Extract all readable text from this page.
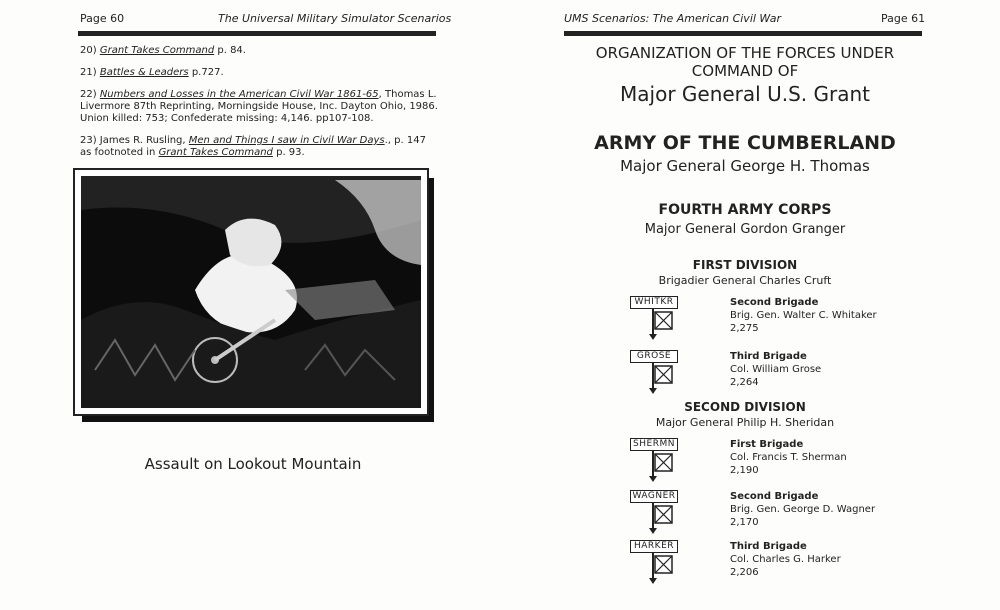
Page 60	The Universal Military Simulator Scenarios
20) Grant Takes Command p. 84.
21) Battles & Leaders p.727.
22) Numbers and Losses in the American Civil War 1861-65, Thomas L. Livermore 87th Reprinting, Morningside House, Inc. Dayton Ohio, 1986. Union killed: 753; Confederate missing: 4,146. pp107-108.
23) James R. Rusling, Men and Things I saw in Civil War Days., p. 147 as footnoted in Grant Takes Command p. 93.
Assault on Lookout Mountain
UMS Scenarios: The American Civil War	Page 61
ORGANIZATION OF THE FORCES UNDER
COMMAND OF
Major General U.S. Grant
ARMY OF THE CUMBERLAND
Major General George H. Thomas
FOURTH ARMY CORPS
Major General Gordon Granger
FIRST DIVISION
Brigadier General Charles Cruft
SECOND DIVISION
Major General Philip H. Sheridan
WHITKR	Second Brigade
Brig. Gen. Walter C. Whitaker
2,275
GROSE	Third Brigade
Col. William Grose
2,264
SHERMN	First Brigade
Col. Francis T. Sherman
2,190
WAGNER	Second Brigade
Brig. Gen. George D. Wagner
2,170
HARKER	Third Brigade
Col. Charles G. Harker
2,206
